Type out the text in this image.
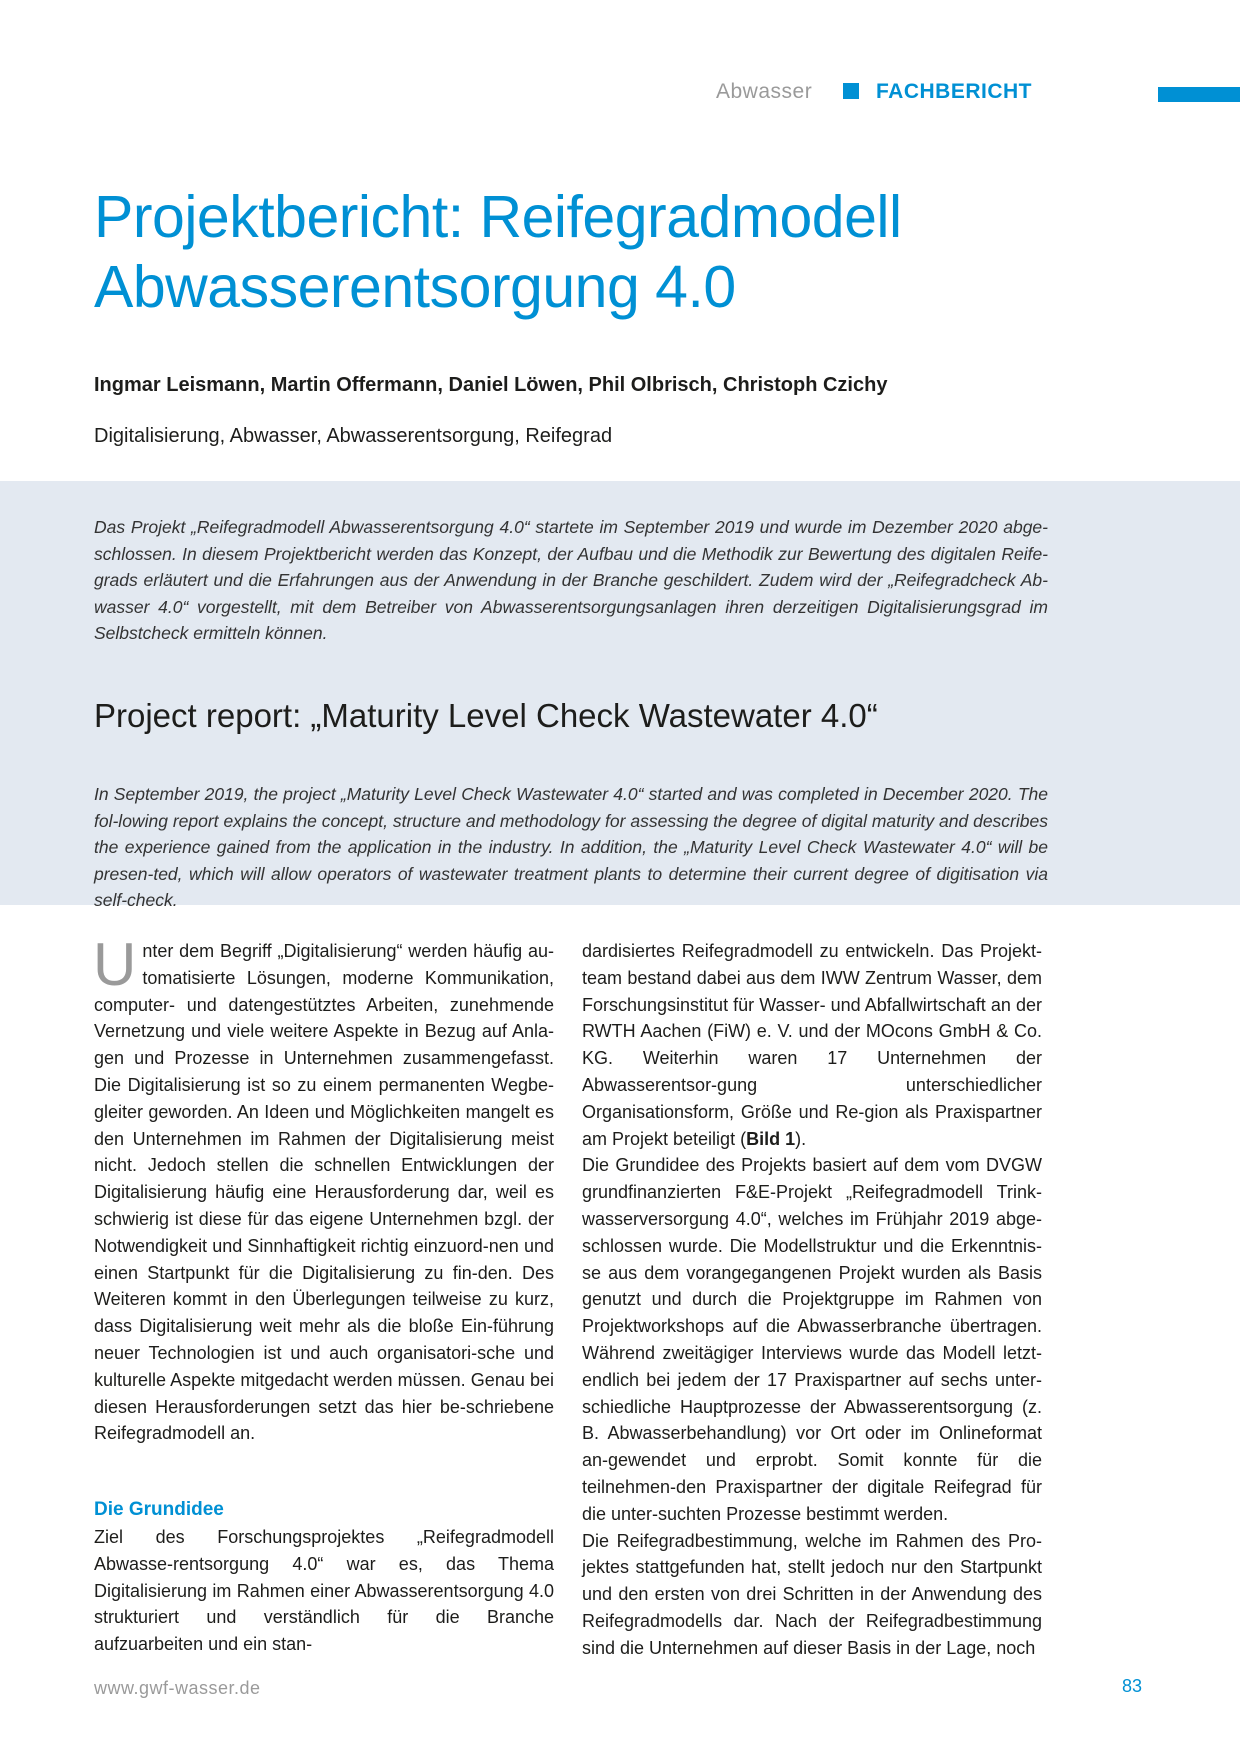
Abwasser	FACHBERICHT
Projektbericht: Reifegradmodell
Abwasserentsorgung 4.0

Ingmar Leismann, Martin Offermann, Daniel Löwen, Phil Olbrisch, Christoph Czichy

Digitalisierung, Abwasser, Abwasserentsorgung, Reifegrad

Das Projekt „Reifegradmodell Abwasserentsorgung 4.0“ startete im September 2019 und wurde im Dezember 2020 abge-schlossen. In diesem Projektbericht werden das Konzept, der Aufbau und die Methodik zur Bewertung des digitalen Reife-grads erläutert und die Erfahrungen aus der Anwendung in der Branche geschildert. Zudem wird der „Reifegradcheck Ab-wasser 4.0“ vorgestellt, mit dem Betreiber von Abwasserentsorgungsanlagen ihren derzeitigen Digitalisierungsgrad im Selbstcheck ermitteln können.

Project report: „Maturity Level Check Wastewater 4.0“

In September 2019, the project „Maturity Level Check Wastewater 4.0“ started and was completed in December 2020. The fol-lowing report explains the concept, structure and methodology for assessing the degree of digital maturity and describes the experience gained from the application in the industry. In addition, the „Maturity Level Check Wastewater 4.0“ will be presen-ted, which will allow operators of wastewater treatment plants to determine their current degree of digitisation via self-check.

Unter dem Begriff „Digitalisierung“ werden häufig au-tomatisierte Lösungen, moderne Kommunikation, computer- und datengestütztes Arbeiten, zunehmende Vernetzung und viele weitere Aspekte in Bezug auf Anla-gen und Prozesse in Unternehmen zusammengefasst. Die Digitalisierung ist so zu einem permanenten Wegbe-gleiter geworden. An Ideen und Möglichkeiten mangelt es den Unternehmen im Rahmen der Digitalisierung meist nicht. Jedoch stellen die schnellen Entwicklungen der Digitalisierung häufig eine Herausforderung dar, weil es schwierig ist diese für das eigene Unternehmen bzgl. der Notwendigkeit und Sinnhaftigkeit richtig einzuord-nen und einen Startpunkt für die Digitalisierung zu fin-den. Des Weiteren kommt in den Überlegungen teilweise zu kurz, dass Digitalisierung weit mehr als die bloße Ein-führung neuer Technologien ist und auch organisatori-sche und kulturelle Aspekte mitgedacht werden müssen. Genau bei diesen Herausforderungen setzt das hier be-schriebene Reifegradmodell an.

Die Grundidee

Ziel des Forschungsprojektes „Reifegradmodell Abwasse-rentsorgung 4.0“ war es, das Thema Digitalisierung im Rahmen einer Abwasserentsorgung 4.0 strukturiert und verständlich für die Branche aufzuarbeiten und ein stan-

dardisiertes Reifegradmodell zu entwickeln. Das Projekt-team bestand dabei aus dem IWW Zentrum Wasser, dem Forschungsinstitut für Wasser- und Abfallwirtschaft an der RWTH Aachen (FiW) e. V. und der MOcons GmbH & Co. KG. Weiterhin waren 17 Unternehmen der Abwasserentsor-gung unterschiedlicher Organisationsform, Größe und Re-gion als Praxispartner am Projekt beteiligt (Bild 1).

Die Grundidee des Projekts basiert auf dem vom DVGW grundfinanzierten F&E-Projekt „Reifegradmodell Trink-wasserversorgung 4.0“, welches im Frühjahr 2019 abge-schlossen wurde. Die Modellstruktur und die Erkenntnis-se aus dem vorangegangenen Projekt wurden als Basis genutzt und durch die Projektgruppe im Rahmen von Projektworkshops auf die Abwasserbranche übertragen. Während zweitägiger Interviews wurde das Modell letzt-endlich bei jedem der 17 Praxispartner auf sechs unter-schiedliche Hauptprozesse der Abwasserentsorgung (z. B. Abwasserbehandlung) vor Ort oder im Onlineformat an-gewendet und erprobt. Somit konnte für die teilnehmen-den Praxispartner der digitale Reifegrad für die unter-suchten Prozesse bestimmt werden.

Die Reifegradbestimmung, welche im Rahmen des Pro-jektes stattgefunden hat, stellt jedoch nur den Startpunkt und den ersten von drei Schritten in der Anwendung des Reifegradmodells dar. Nach der Reifegradbestimmung sind die Unternehmen auf dieser Basis in der Lage, noch

www.gwf-wasser.de	83
